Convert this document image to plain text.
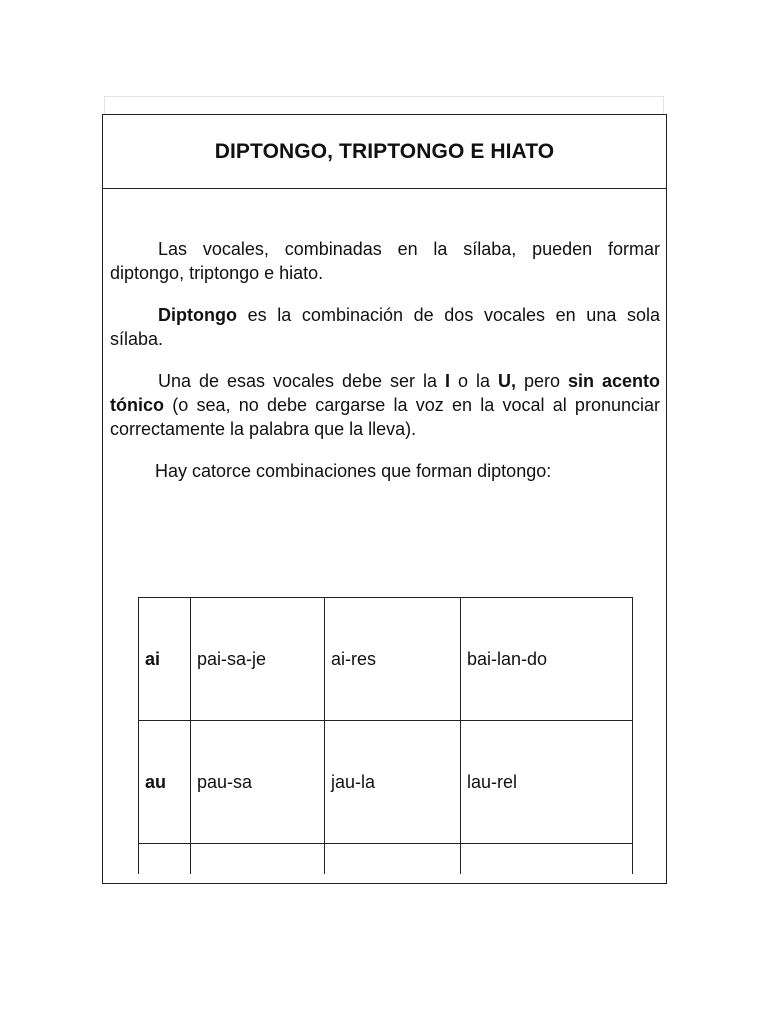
DIPTONGO, TRIPTONGO E HIATO

Las vocales, combinadas en la sílaba, pueden formar diptongo, triptongo e hiato.

Diptongo es la combinación de dos vocales en una sola sílaba.

Una de esas vocales debe ser la I o la U, pero sin acento tónico (o sea, no debe cargarse la voz en la vocal al pronunciar correctamente la palabra que la lleva).

Hay catorce combinaciones que forman diptongo:

ai	pai-sa-je	ai-res	bai-lan-do
au	pau-sa	jau-la	lau-rel
